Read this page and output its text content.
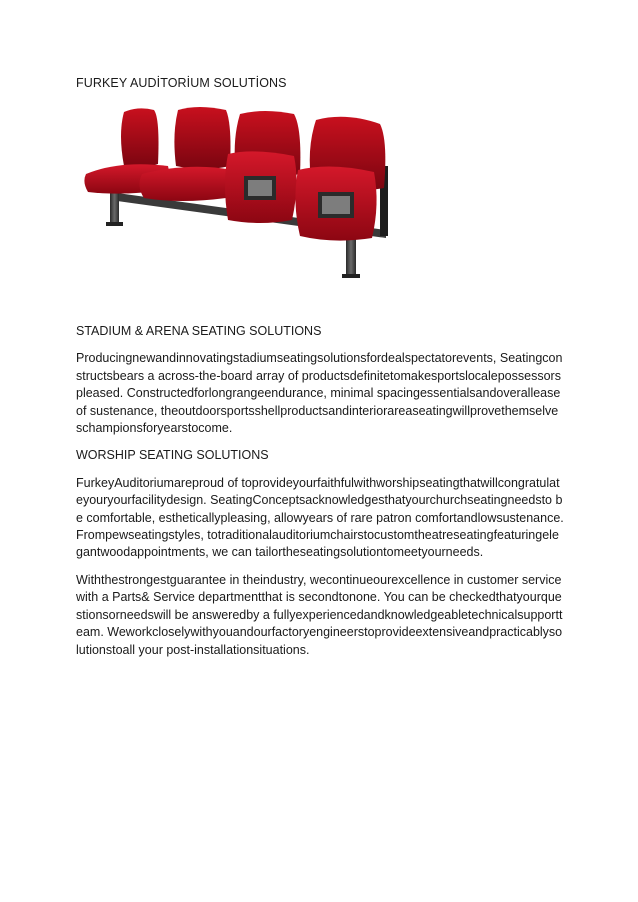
FURKEY AUDİTORİUM SOLUTİONS
STADIUM & ARENA SEATING SOLUTIONS

Producingnewandinnovatingstadiumseatingsolutionsfordealspectatorevents, Seatingconstructsbears a across-the-board array of productsdefinitetomakesportslocalepossessorspleased. Constructedforlongrangeendurance, minimal spacingessentialsandoverallease of sustenance, theoutdoorsportsshellproductsandinteriorareaseatingwillprovethemselveschampionsforyearstocome.

WORSHIP SEATING SOLUTIONS

FurkeyAuditoriumareproud of toprovideyourfaithfulwithworshipseatingthatwillcongratulateyouryourfacilitydesign. SeatingConceptsacknowledgesthatyourchurchseatingneedsto be comfortable, estheticallypleasing, allowyears of rare patron comfortandlowsustenance. Frompewseatingstyles, totraditionalauditoriumchairstocustomtheatreseatingfeaturingelegantwoodappointments, we can tailortheseatingsolutiontomeetyourneeds.

Withthestrongestguarantee in theindustry, wecontinueourexcellence in customer service with a Parts& Service departmentthat is secondtonone. You can be checkedthatyourquestionsorneedswill be answeredby a fullyexperiencedandknowledgeabletechnicalsupportteam. Weworkcloselywithyouandourfactoryengineerstoprovideextensiveandpracticablysolutionstoall your post-installationsituations.
